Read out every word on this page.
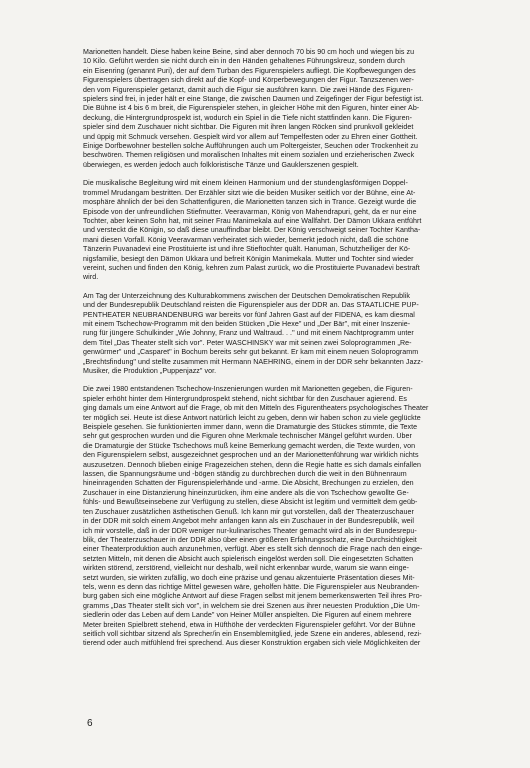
Marionetten handelt. Diese haben keine Beine, sind aber dennoch 70 bis 90 cm hoch und wiegen bis zu
10 Kilo. Geführt werden sie nicht durch ein in den Händen gehaltenes Führungskreuz, sondern durch
ein Eisenring (genannt Puri), der auf dem Turban des Figurenspielers aufliegt. Die Kopfbewegungen des
Figurenspielers übertragen sich direkt auf die Kopf- und Körperbewegungen der Figur. Tanzszenen wer-
den vom Figurenspieler getanzt, damit auch die Figur sie ausführen kann. Die zwei Hände des Figuren-
spielers sind frei, in jeder hält er eine Stange, die zwischen Daumen und Zeigefinger der Figur befestigt ist.
Die Bühne ist 4 bis 6 m breit, die Figurenspieler stehen, in gleicher Höhe mit den Figuren, hinter einer Ab-
deckung, die Hintergrundprospekt ist, wodurch ein Spiel in die Tiefe nicht stattfinden kann. Die Figuren-
spieler sind dem Zuschauer nicht sichtbar. Die Figuren mit ihren langen Röcken sind prunkvoll gekleidet
und üppig mit Schmuck versehen. Gespielt wird vor allem auf Tempelfesten oder zu Ehren einer Gottheit.
Einige Dorfbewohner bestellen solche Aufführungen auch um Poltergeister, Seuchen oder Trockenheit zu
beschwören. Themen religiösen und moralischen Inhaltes mit einem sozialen und erzieherischen Zweck
überwiegen, es werden jedoch auch folkloristische Tänze und Gauklerszenen gespielt.

Die musikalische Begleitung wird mit einem kleinen Harmonium und der stundenglasförmigen Doppel-
trommel Mrudangam bestritten. Der Erzähler sitzt wie die beiden Musiker seitlich vor der Bühne, eine At-
mosphäre ähnlich der bei den Schattenfiguren, die Marionetten tanzen sich in Trance. Gezeigt wurde die
Episode von der unfreundlichen Stiefmutter. Veeravarman, König von Mahendrapuri, geht, da er nur eine
Tochter, aber keinen Sohn hat, mit seiner Frau Manimekala auf eine Wallfahrt. Der Dämon Ukkara entführt
und versteckt die Königin, so daß diese unauffindbar bleibt. Der König verschweigt seiner Tochter Kantha-
mani diesen Vorfall. König Veeravarman verheiratet sich wieder, bemerkt jedoch nicht, daß die schöne
Tänzerin Puvanadevi eine Prostituierte ist und ihre Stieftochter quält. Hanuman, Schutzheiliger der Kö-
nigsfamilie, besiegt den Dämon Ukkara und befreit Königin Manimekala. Mutter und Tochter sind wieder
vereint, suchen und finden den König, kehren zum Palast zurück, wo die Prostituierte Puvanadevi bestraft
wird.

Am Tag der Unterzeichnung des Kulturabkommens zwischen der Deutschen Demokratischen Republik
und der Bundesrepublik Deutschland reisten die Figurenspieler aus der DDR an. Das STAATLICHE PUP-
PENTHEATER NEUBRANDENBURG war bereits vor fünf Jahren Gast auf der FIDENA, es kam diesmal
mit einem Tschechow-Programm mit den beiden Stücken „Die Hexe" und „Der Bär", mit einer Inszenie-
rung für jüngere Schulkinder „Wie Johnny, Franz und Waltraud. . ." und mit einem Nachtprogramm unter
dem Titel „Das Theater stellt sich vor". Peter WASCHINSKY war mit seinen zwei Soloprogrammen „Re-
genwürmer" und „Casparet" in Bochum bereits sehr gut bekannt. Er kam mit einem neuen Soloprogramm
„Brechtsfindung" und stellte zusammen mit Hermann NAEHRING, einem in der DDR sehr bekannten Jazz-
Musiker, die Produktion „Puppenjazz" vor.

Die zwei 1980 entstandenen Tschechow-Inszenierungen wurden mit Marionetten gegeben, die Figuren-
spieler erhöht hinter dem Hintergrundprospekt stehend, nicht sichtbar für den Zuschauer agierend. Es
ging damals um eine Antwort auf die Frage, ob mit den Mitteln des Figurentheaters psychologisches Theater
ter möglich sei. Heute ist diese Antwort natürlich leicht zu geben, denn wir haben schon zu viele geglückte
Beispiele gesehen. Sie funktionierten immer dann, wenn die Dramaturgie des Stückes stimmte, die Texte
sehr gut gesprochen wurden und die Figuren ohne Merkmale technischer Mängel geführt wurden. Über
die Dramaturgie der Stücke Tschechows muß keine Bemerkung gemacht werden, die Texte wurden, von
den Figurenspielern selbst, ausgezeichnet gesprochen und an der Marionettenführung war wirklich nichts
auszusetzen. Dennoch blieben einige Fragezeichen stehen, denn die Regie hatte es sich damals einfallen
lassen, die Spannungsräume und -bögen ständig zu durchbrechen durch die weit in den Bühnenraum
hineinragenden Schatten der Figurenspielerhände und -arme. Die Absicht, Brechungen zu erzielen, den
Zuschauer in eine Distanzierung hineinzurücken, ihm eine andere als die von Tschechow gewollte Ge-
fühls- und Bewußtseinsebene zur Verfügung zu stellen, diese Absicht ist legitim und vermittelt dem geüb-
ten Zuschauer zusätzlichen ästhetischen Genuß. Ich kann mir gut vorstellen, daß der Theaterzuschauer
in der DDR mit solch einem Angebot mehr anfangen kann als ein Zuschauer in der Bundesrepublik, weil
ich mir vorstelle, daß in der DDR weniger nur-kulinarisches Theater gemacht wird als in der Bundesrepu-
blik, der Theaterzuschauer in der DDR also über einen größeren Erfahrungsschatz, eine Durchsichtigkeit
einer Theaterproduktion auch anzunehmen, verfügt. Aber es stellt sich dennoch die Frage nach den einge-
setzten Mitteln, mit denen die Absicht auch spielerisch eingelöst werden soll. Die eingesetzten Schatten
wirkten störend, zerstörend, vielleicht nur deshalb, weil nicht erkennbar wurde, warum sie wann einge-
setzt wurden, sie wirkten zufällig, wo doch eine präzise und genau akzentuierte Präsentation dieses Mit-
tels, wenn es denn das richtige Mittel gewesen wäre, geholfen hätte. Die Figurenspieler aus Neubranden-
burg gaben sich eine mögliche Antwort auf diese Fragen selbst mit jenem bemerkenswerten Teil ihres Pro-
gramms „Das Theater stellt sich vor", in welchem sie drei Szenen aus ihrer neuesten Produktion „Die Um-
siedlerin oder das Leben auf dem Lande" von Heiner Müller anspielten. Die Figuren auf einem mehrere
Meter breiten Spielbrett stehend, etwa in Hüfthöhe der verdeckten Figurenspieler geführt. Vor der Bühne
seitlich voll sichtbar sitzend als Sprecher/in ein Ensemblemitglied, jede Szene ein anderes, ablesend, rezi-
tierend oder auch mitfühlend frei sprechend. Aus dieser Konstruktion ergaben sich viele Möglichkeiten der

6
